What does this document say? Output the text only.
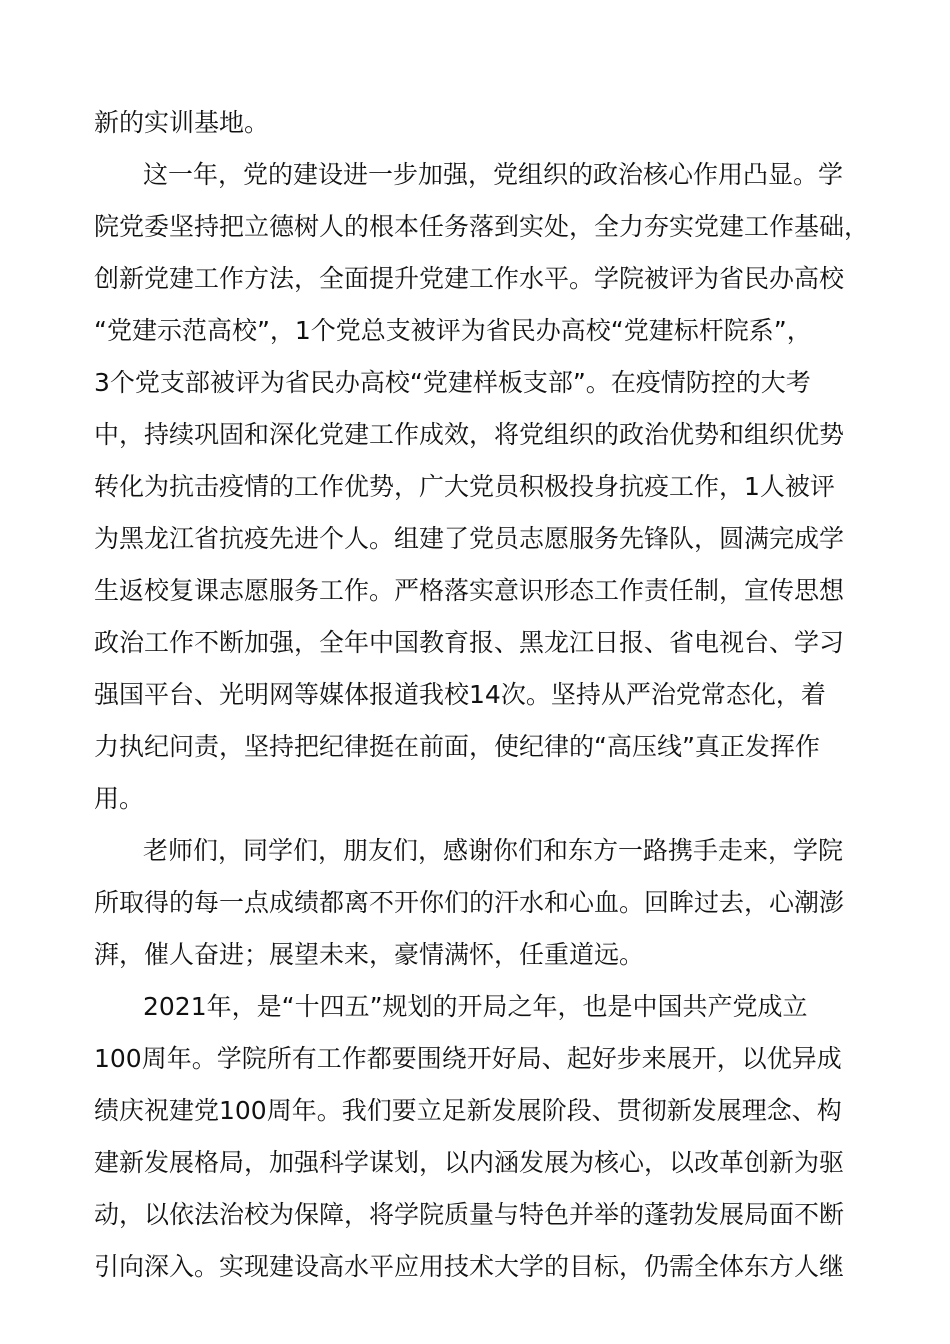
新的实训基地。
这一年，党的建设进一步加强，党组织的政治核心作用凸显。学
院党委坚持把立德树人的根本任务落到实处，全力夯实党建工作基础，
创新党建工作方法，全面提升党建工作水平。学院被评为省民办高校
“党建示范高校”，1个党总支被评为省民办高校“党建标杆院系”，
3个党支部被评为省民办高校“党建样板支部”。在疫情防控的大考
中，持续巩固和深化党建工作成效，将党组织的政治优势和组织优势
转化为抗击疫情的工作优势，广大党员积极投身抗疫工作，1人被评
为黑龙江省抗疫先进个人。组建了党员志愿服务先锋队，圆满完成学
生返校复课志愿服务工作。严格落实意识形态工作责任制，宣传思想
政治工作不断加强，全年中国教育报、黑龙江日报、省电视台、学习
强国平台、光明网等媒体报道我校14次。坚持从严治党常态化，着
力执纪问责，坚持把纪律挺在前面，使纪律的“高压线”真正发挥作
用。
老师们，同学们，朋友们，感谢你们和东方一路携手走来，学院
所取得的每一点成绩都离不开你们的汗水和心血。回眸过去，心潮澎
湃，催人奋进；展望未来，豪情满怀，任重道远。
2021年，是“十四五”规划的开局之年，也是中国共产党成立
100周年。学院所有工作都要围绕开好局、起好步来展开，以优异成
绩庆祝建党100周年。我们要立足新发展阶段、贯彻新发展理念、构
建新发展格局，加强科学谋划，以内涵发展为核心，以改革创新为驱
动，以依法治校为保障，将学院质量与特色并举的蓬勃发展局面不断
引向深入。实现建设高水平应用技术大学的目标，仍需全体东方人继
